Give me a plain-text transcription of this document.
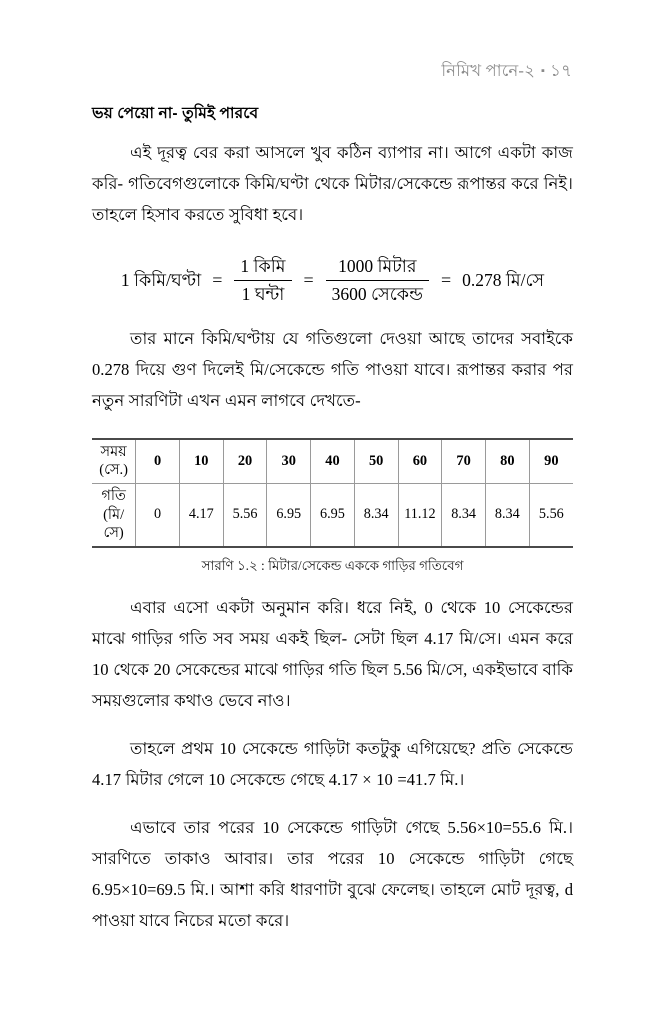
নিমিখ পানে-২ ▪ ১৭
ভয় পেয়ো না- তুমিই পারবে

এই দূরত্ব বের করা আসলে খুব কঠিন ব্যাপার না। আগে একটা কাজ করি- গতিবেগগুলোকে কিমি/ঘণ্টা থেকে মিটার/সেকেন্ডে রূপান্তর করে নিই। তাহলে হিসাব করতে সুবিধা হবে।

1 কিমি/ঘণ্টা = $\frac{\text{1 কিমি}}{\text{1 ঘন্টা}} = \frac{\text{1000 মিটার}}{\text{3600 সেকেন্ড}} = 0.278$ মি/সে

তার মানে কিমি/ঘণ্টায় যে গতিগুলো দেওয়া আছে তাদের সবাইকে 0.278 দিয়ে গুণ দিলেই মি/সেকেন্ডে গতি পাওয়া যাবে। রূপান্তর করার পর নতুন সারণিটা এখন এমন লাগবে দেখতে-

সময়
(সে.)	0	10	20	30	40	50	60	70	80	90

গতি
(মি/সে)	0	4.17	5.56	6.95	6.95	8.34	11.12	8.34	8.34	5.56
সারণি ১.২ : মিটার/সেকেন্ড এককে গাড়ির গতিবেগ

এবার এসো একটা অনুমান করি। ধরে নিই, 0 থেকে 10 সেকেন্ডের মাঝে গাড়ির গতি সব সময় একই ছিল- সেটা ছিল 4.17 মি/সে। এমন করে 10 থেকে 20 সেকেন্ডের মাঝে গাড়ির গতি ছিল 5.56 মি/সে, একইভাবে বাকি সময়গুলোর কথাও ভেবে নাও।

তাহলে প্রথম 10 সেকেন্ডে গাড়িটা কতটুকু এগিয়েছে? প্রতি সেকেন্ডে 4.17 মিটার গেলে 10 সেকেন্ডে গেছে 4.17 × 10 =41.7 মি.।

এভাবে তার পরের 10 সেকেন্ডে গাড়িটা গেছে 5.56×10=55.6 মি.। সারণিতে তাকাও আবার। তার পরের 10 সেকেন্ডে গাড়িটা গেছে 6.95×10=69.5 মি.। আশা করি ধারণাটা বুঝে ফেলেছ। তাহলে মোট দূরত্ব, d পাওয়া যাবে নিচের মতো করে।
